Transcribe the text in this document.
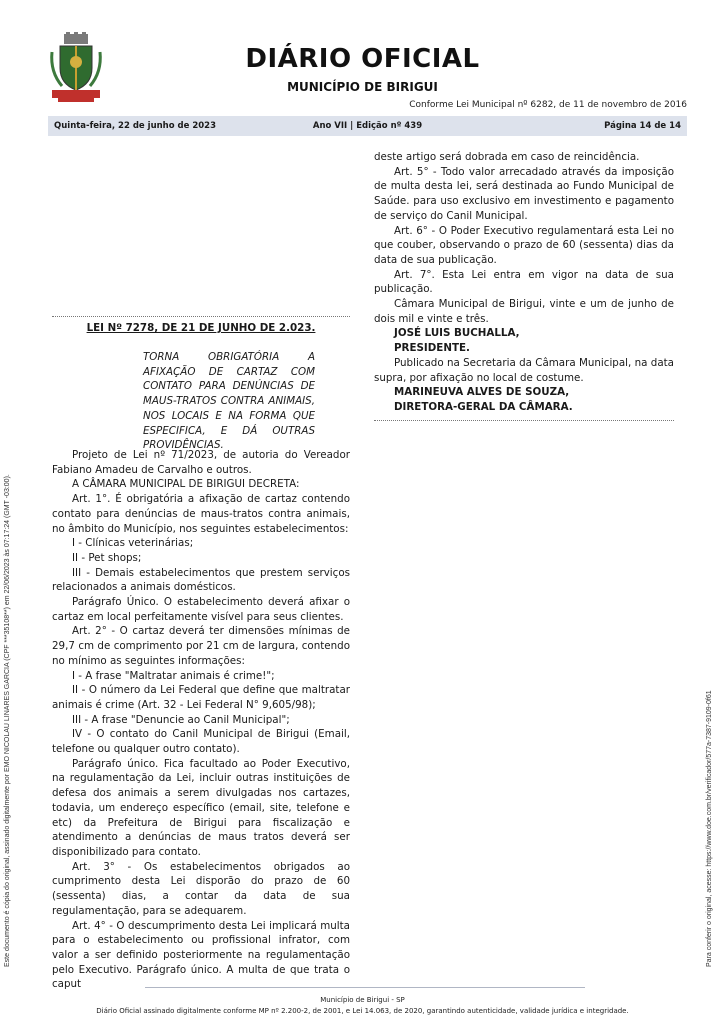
DIÁRIO OFICIAL
MUNICÍPIO DE BIRIGUI
Conforme Lei Municipal nº 6282, de 11 de novembro de 2016
Quinta-feira, 22 de junho de 2023	Ano VII | Edição nº 439	Página 14 de 14

deste artigo será dobrada em caso de reincidência.

Art. 5° - Todo valor arrecadado através da imposição de multa desta lei, será destinada ao Fundo Municipal de Saúde. para uso exclusivo em investimento e pagamento de serviço do Canil Municipal.

Art. 6° - O Poder Executivo regulamentará esta Lei no que couber, observando o prazo de 60 (sessenta) dias da data de sua publicação.

Art. 7°. Esta Lei entra em vigor na data de sua publicação.

Câmara Municipal de Birigui, vinte e um de junho de dois mil e vinte e três.

JOSÉ LUIS BUCHALLA,

PRESIDENTE.

Publicado na Secretaria da Câmara Municipal, na data supra, por afixação no local de costume.

MARINEUVA ALVES DE SOUZA,

DIRETORA-GERAL DA CÂMARA.

LEI Nº 7278, DE 21 DE JUNHO DE 2.023.
TORNA OBRIGATÓRIA A AFIXAÇÃO DE CARTAZ COM CONTATO PARA DENÚNCIAS DE MAUS-TRATOS CONTRA ANIMAIS, NOS LOCAIS E NA FORMA QUE ESPECIFICA, E DÁ OUTRAS PROVIDÊNCIAS.

Projeto de Lei nº 71/2023, de autoria do Vereador Fabiano Amadeu de Carvalho e outros.

A CÂMARA MUNICIPAL DE BIRIGUI DECRETA:

Art. 1°. É obrigatória a afixação de cartaz contendo contato para denúncias de maus-tratos contra animais, no âmbito do Município, nos seguintes estabelecimentos:

I - Clínicas veterinárias;

II - Pet shops;

III - Demais estabelecimentos que prestem serviços relacionados a animais domésticos.

Parágrafo Único. O estabelecimento deverá afixar o cartaz em local perfeitamente visível para seus clientes.

Art. 2° - O cartaz deverá ter dimensões mínimas de 29,7 cm de comprimento por 21 cm de largura, contendo no mínimo as seguintes informações:

I - A frase "Maltratar animais é crime!";

II - O número da Lei Federal que define que maltratar animais é crime (Art. 32 - Lei Federal N° 9,605/98);

III - A frase "Denuncie ao Canil Municipal";

IV - O contato do Canil Municipal de Birigui (Email, telefone ou qualquer outro contato).

Parágrafo único. Fica facultado ao Poder Executivo, na regulamentação da Lei, incluir outras instituições de defesa dos animais a serem divulgadas nos cartazes, todavia, um endereço específico (email, site, telefone e etc) da Prefeitura de Birigui para fiscalização e atendimento a denúncias de maus tratos deverá ser disponibilizado para contato.

Art. 3° - Os estabelecimentos obrigados ao cumprimento desta Lei disporão do prazo de 60 (sessenta) dias, a contar da data de sua regulamentação, para se adequarem.

Art. 4° - O descumprimento desta Lei implicará multa para o estabelecimento ou profissional infrator, com valor a ser definido posteriormente na regulamentação pelo Executivo. Parágrafo único. A multa de que trata o caput

Este documento é cópia do original, assinado digitalmente por EMO NICOLAU LINARES GARCIA (CPF ***35108**) em 22/06/2023 às 07:17:24 (GMT -03:00).	Para conferir o original, acesse: https://www.doe.com.br/verificador/577a-7387-9109-0f61
Município de Birigui - SP
Diário Oficial assinado digitalmente conforme MP nº 2.200-2, de 2001, e Lei 14.063, de 2020, garantindo autenticidade, validade jurídica e integridade.
